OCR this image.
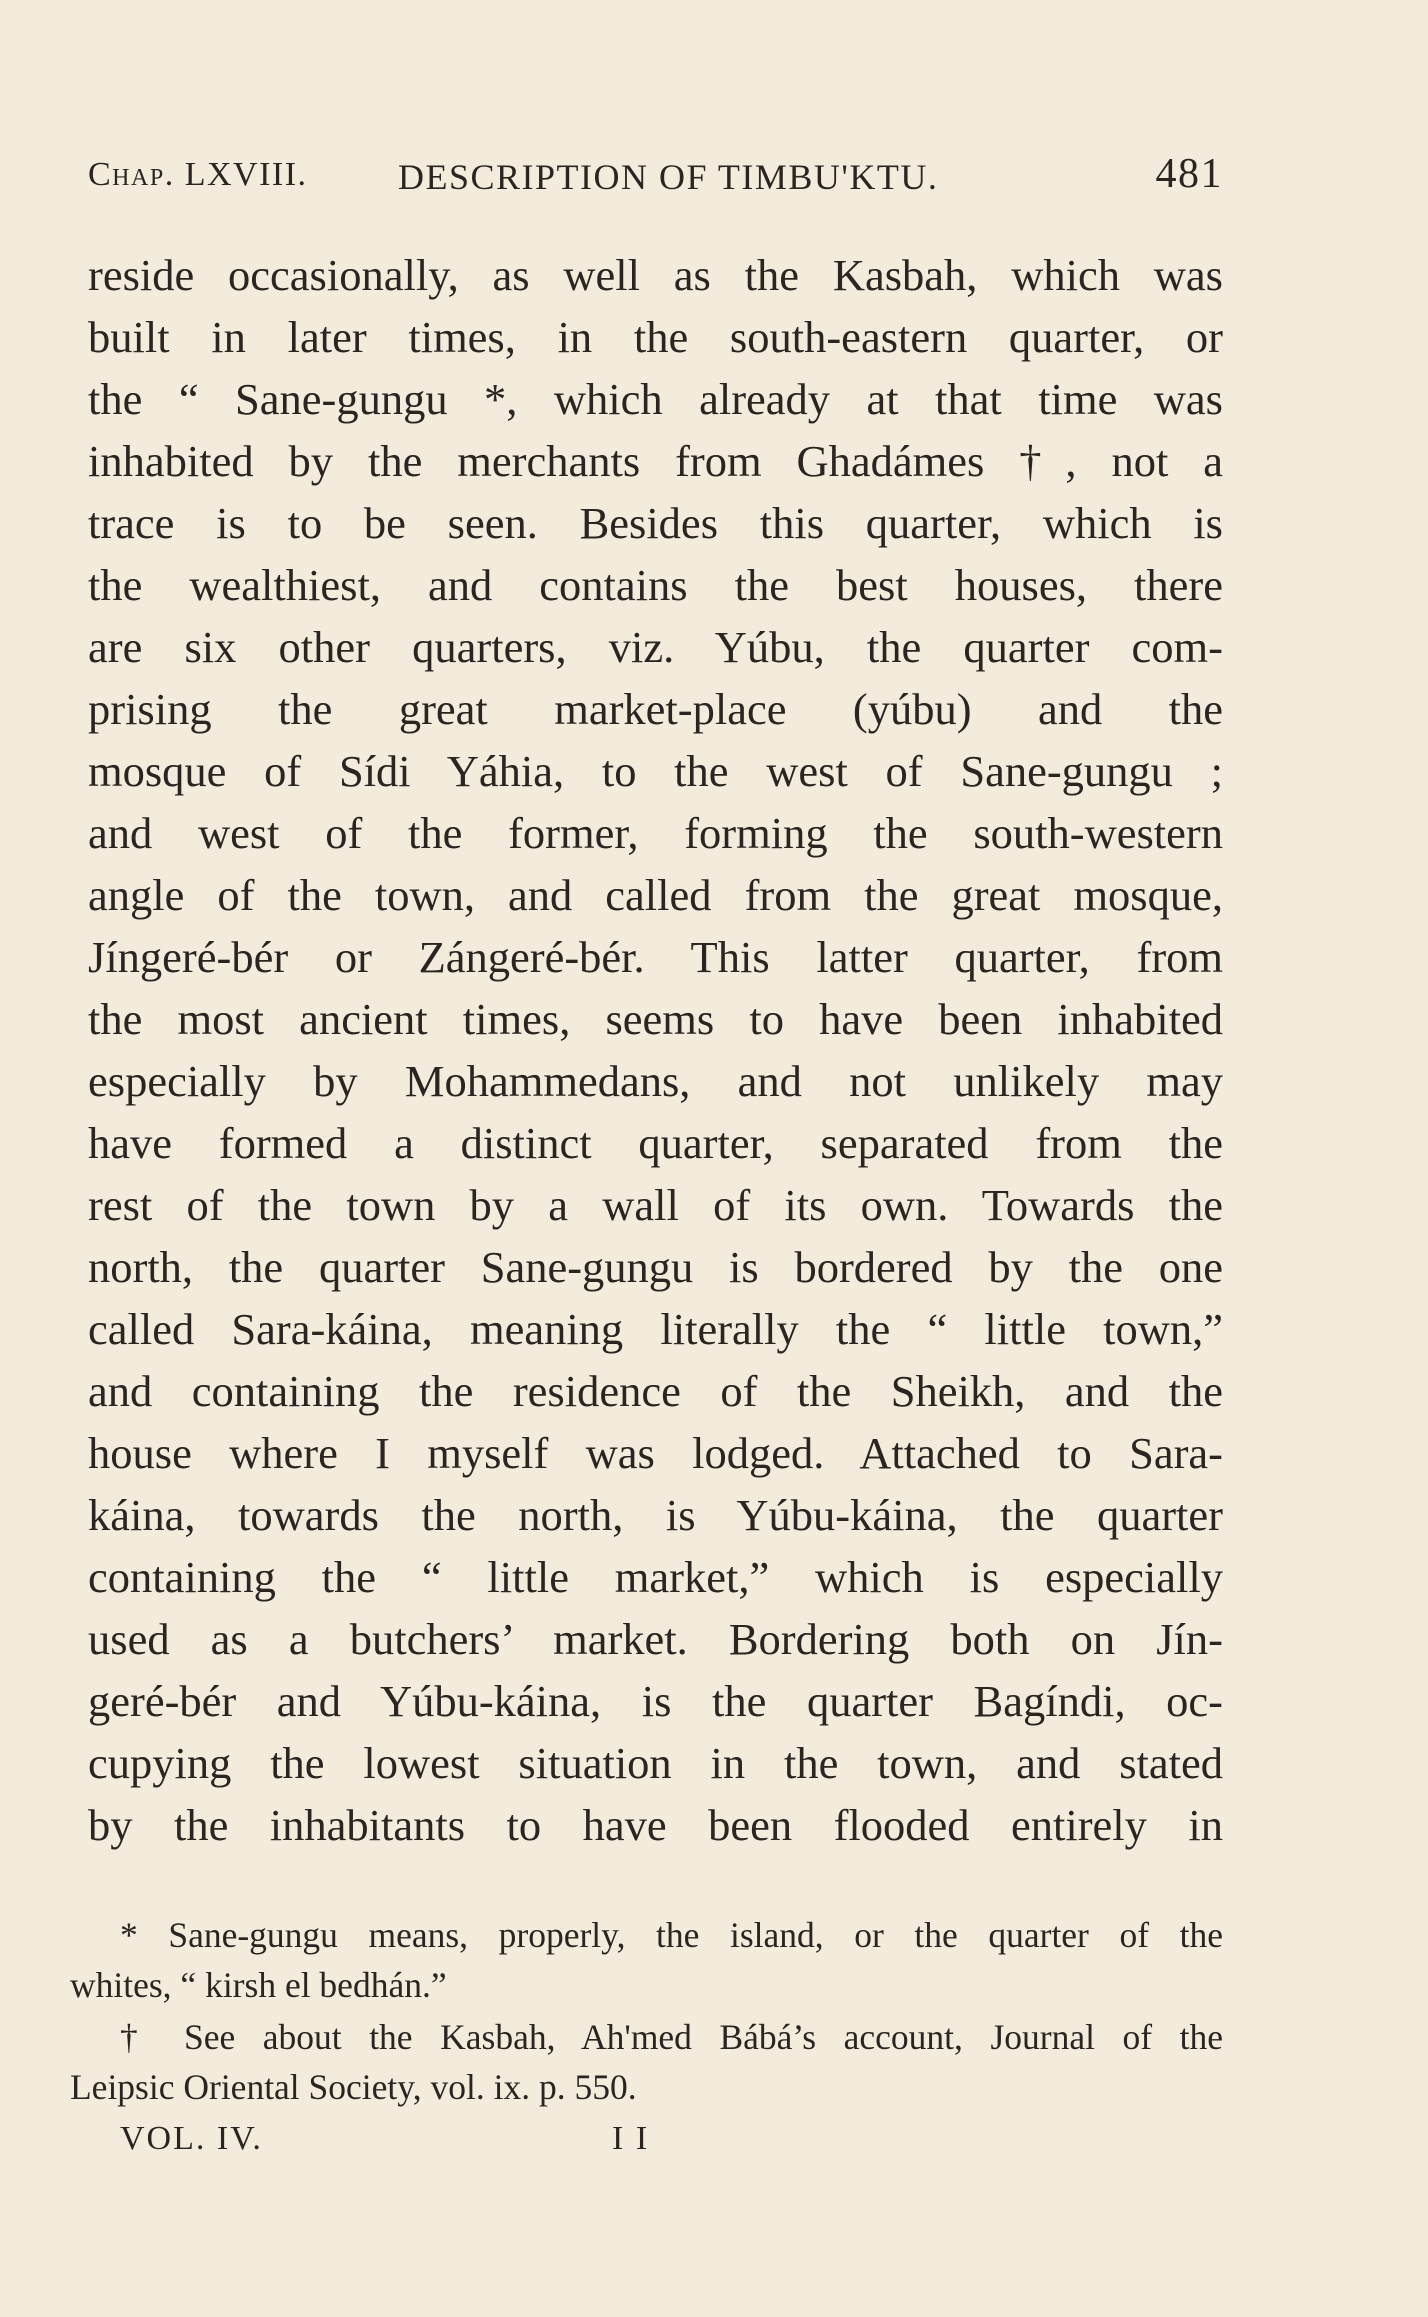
Chap. LXVIII.	DESCRIPTION OF TIMBU'KTU.	481
reside occasionally, as well as the Kasbah, which was
built in later times, in the south-eastern quarter, or
the “ Sane-gungu *, which already at that time was
inhabited by the merchants from Ghadámes †, not a
trace is to be seen. Besides this quarter, which is
the wealthiest, and contains the best houses, there
are six other quarters, viz. Yúbu, the quarter com-
prising the great market-place (yúbu) and the
mosque of Sídi Yáhia, to the west of Sane-gungu ;
and west of the former, forming the south-western
angle of the town, and called from the great mosque,
Jíngeré-bér or Zángeré-bér. This latter quarter, from
the most ancient times, seems to have been inhabited
especially by Mohammedans, and not unlikely may
have formed a distinct quarter, separated from the
rest of the town by a wall of its own. Towards the
north, the quarter Sane-gungu is bordered by the one
called Sara-káina, meaning literally the “ little town,”
and containing the residence of the Sheikh, and the
house where I myself was lodged. Attached to Sara-
káina, towards the north, is Yúbu-káina, the quarter
containing the “ little market,” which is especially
used as a butchers’ market. Bordering both on Jín-
geré-bér and Yúbu-káina, is the quarter Bagíndi, oc-
cupying the lowest situation in the town, and stated
by the inhabitants to have been flooded entirely in
* Sane-gungu means, properly, the island, or the quarter of the
whites, “ kirsh el bedhán.”
† See about the Kasbah, Ah'med Bábá’s account, Journal of the
Leipsic Oriental Society, vol. ix. p. 550.
VOL. IV.	I I
